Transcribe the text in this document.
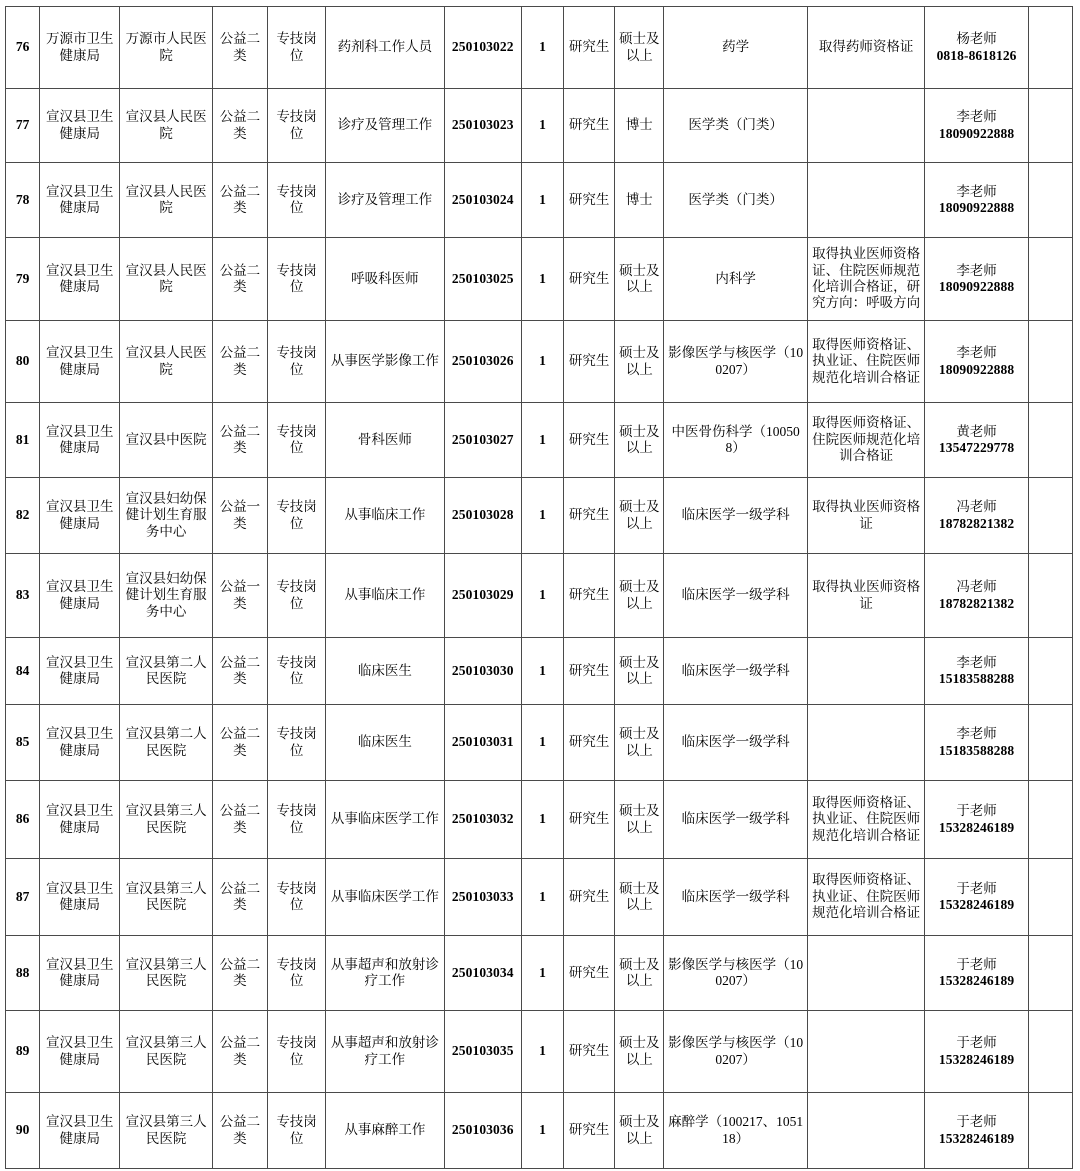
76	万源市卫生健康局	万源市人民医院	公益二类	专技岗位	药剂科工作人员	250103022	1	研究生	硕士及以上	药学	取得药师资格证	杨老师
0818-8618126	

77	宣汉县卫生健康局	宣汉县人民医院	公益二类	专技岗位	诊疗及管理工作	250103023	1	研究生	博士	医学类（门类）		李老师
18090922888	

78	宣汉县卫生健康局	宣汉县人民医院	公益二类	专技岗位	诊疗及管理工作	250103024	1	研究生	博士	医学类（门类）		李老师
18090922888	

79	宣汉县卫生健康局	宣汉县人民医院	公益二类	专技岗位	呼吸科医师	250103025	1	研究生	硕士及以上	内科学	取得执业医师资格证、住院医师规范化培训合格证，研究方向：呼吸方向	李老师
18090922888	

80	宣汉县卫生健康局	宣汉县人民医院	公益二类	专技岗位	从事医学影像工作	250103026	1	研究生	硕士及以上	影像医学与核医学（100207）	取得医师资格证、执业证、住院医师规范化培训合格证	李老师
18090922888	

81	宣汉县卫生健康局	宣汉县中医院	公益二类	专技岗位	骨科医师	250103027	1	研究生	硕士及以上	中医骨伤科学（100508）	取得医师资格证、住院医师规范化培训合格证	黄老师
13547229778	

82	宣汉县卫生健康局	宣汉县妇幼保健计划生育服务中心	公益一类	专技岗位	从事临床工作	250103028	1	研究生	硕士及以上	临床医学一级学科	取得执业医师资格证	冯老师
18782821382	

83	宣汉县卫生健康局	宣汉县妇幼保健计划生育服务中心	公益一类	专技岗位	从事临床工作	250103029	1	研究生	硕士及以上	临床医学一级学科	取得执业医师资格证	冯老师
18782821382	

84	宣汉县卫生健康局	宣汉县第二人民医院	公益二类	专技岗位	临床医生	250103030	1	研究生	硕士及以上	临床医学一级学科		李老师
15183588288	

85	宣汉县卫生健康局	宣汉县第二人民医院	公益二类	专技岗位	临床医生	250103031	1	研究生	硕士及以上	临床医学一级学科		李老师
15183588288	

86	宣汉县卫生健康局	宣汉县第三人民医院	公益二类	专技岗位	从事临床医学工作	250103032	1	研究生	硕士及以上	临床医学一级学科	取得医师资格证、执业证、住院医师规范化培训合格证	于老师
15328246189	

87	宣汉县卫生健康局	宣汉县第三人民医院	公益二类	专技岗位	从事临床医学工作	250103033	1	研究生	硕士及以上	临床医学一级学科	取得医师资格证、执业证、住院医师规范化培训合格证	于老师
15328246189	

88	宣汉县卫生健康局	宣汉县第三人民医院	公益二类	专技岗位	从事超声和放射诊疗工作	250103034	1	研究生	硕士及以上	影像医学与核医学（100207）		于老师
15328246189	

89	宣汉县卫生健康局	宣汉县第三人民医院	公益二类	专技岗位	从事超声和放射诊疗工作	250103035	1	研究生	硕士及以上	影像医学与核医学（100207）		于老师
15328246189	

90	宣汉县卫生健康局	宣汉县第三人民医院	公益二类	专技岗位	从事麻醉工作	250103036	1	研究生	硕士及以上	麻醉学（100217、105118）		于老师
15328246189	
